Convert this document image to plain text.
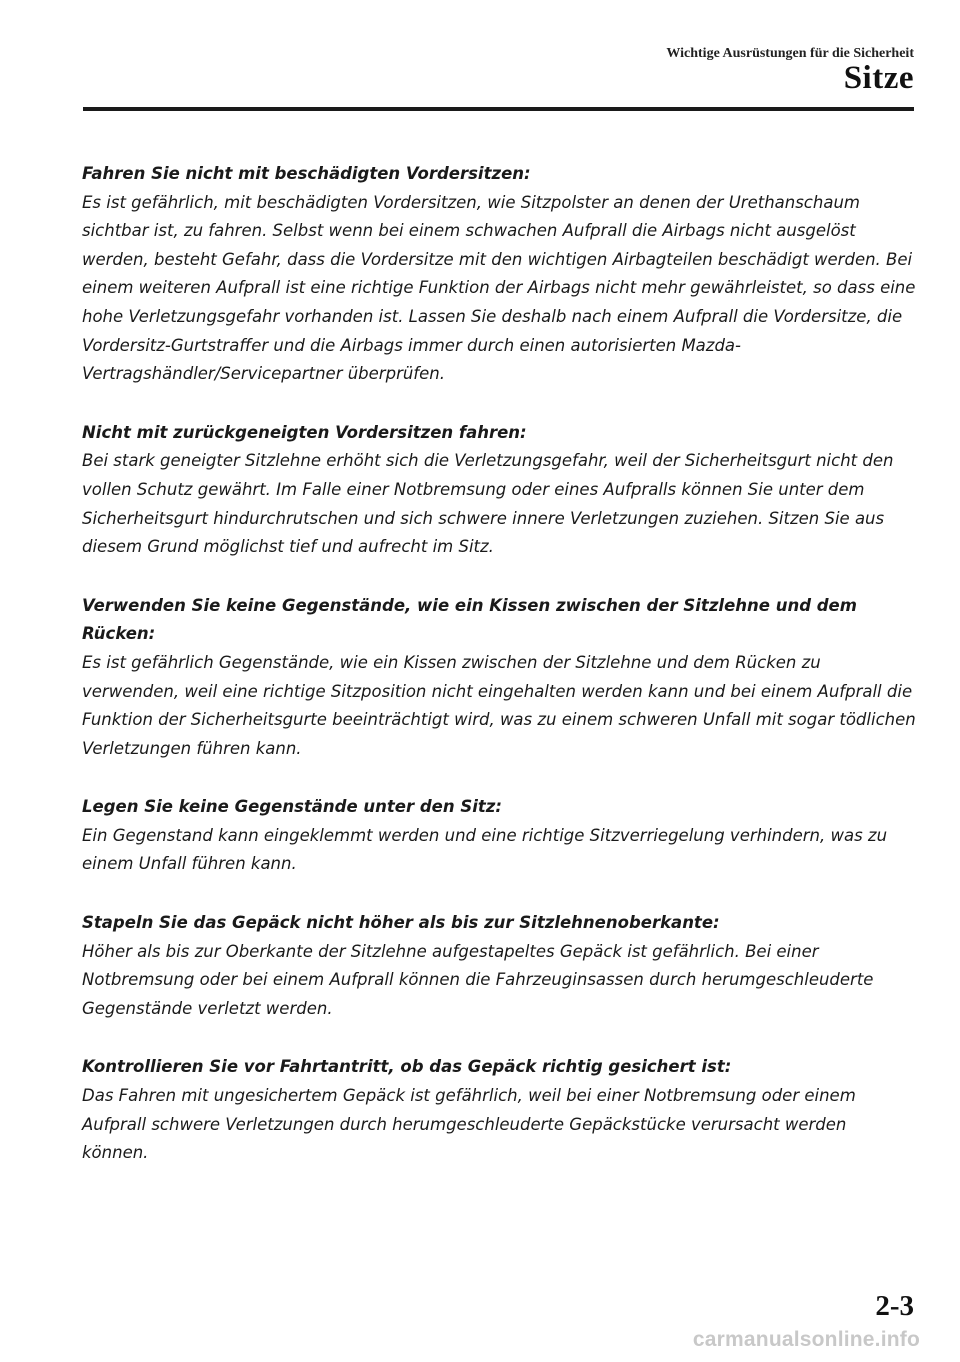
Wichtige Ausrüstungen für die Sicherheit
Sitze
Fahren Sie nicht mit beschädigten Vordersitzen:
Es ist gefährlich, mit beschädigten Vordersitzen, wie Sitzpolster an denen der Urethanschaum sichtbar ist, zu fahren. Selbst wenn bei einem schwachen Aufprall die Airbags nicht ausgelöst werden, besteht Gefahr, dass die Vordersitze mit den wichtigen Airbagteilen beschädigt werden. Bei einem weiteren Aufprall ist eine richtige Funktion der Airbags nicht mehr gewährleistet, so dass eine hohe Verletzungsgefahr vorhanden ist. Lassen Sie deshalb nach einem Aufprall die Vordersitze, die Vordersitz-Gurtstraffer und die Airbags immer durch einen autorisierten Mazda-Vertragshändler/Servicepartner überprüfen.
Nicht mit zurückgeneigten Vordersitzen fahren:
Bei stark geneigter Sitzlehne erhöht sich die Verletzungsgefahr, weil der Sicherheitsgurt nicht den vollen Schutz gewährt. Im Falle einer Notbremsung oder eines Aufpralls können Sie unter dem Sicherheitsgurt hindurchrutschen und sich schwere innere Verletzungen zuziehen. Sitzen Sie aus diesem Grund möglichst tief und aufrecht im Sitz.
Verwenden Sie keine Gegenstände, wie ein Kissen zwischen der Sitzlehne und dem Rücken:
Es ist gefährlich Gegenstände, wie ein Kissen zwischen der Sitzlehne und dem Rücken zu verwenden, weil eine richtige Sitzposition nicht eingehalten werden kann und bei einem Aufprall die Funktion der Sicherheitsgurte beeinträchtigt wird, was zu einem schweren Unfall mit sogar tödlichen Verletzungen führen kann.
Legen Sie keine Gegenstände unter den Sitz:
Ein Gegenstand kann eingeklemmt werden und eine richtige Sitzverriegelung verhindern, was zu einem Unfall führen kann.
Stapeln Sie das Gepäck nicht höher als bis zur Sitzlehnenoberkante:
Höher als bis zur Oberkante der Sitzlehne aufgestapeltes Gepäck ist gefährlich. Bei einer Notbremsung oder bei einem Aufprall können die Fahrzeuginsassen durch herumgeschleuderte Gegenstände verletzt werden.
Kontrollieren Sie vor Fahrtantritt, ob das Gepäck richtig gesichert ist:
Das Fahren mit ungesichertem Gepäck ist gefährlich, weil bei einer Notbremsung oder einem Aufprall schwere Verletzungen durch herumgeschleuderte Gepäckstücke verursacht werden können.
2-3
carmanualsonline.info
